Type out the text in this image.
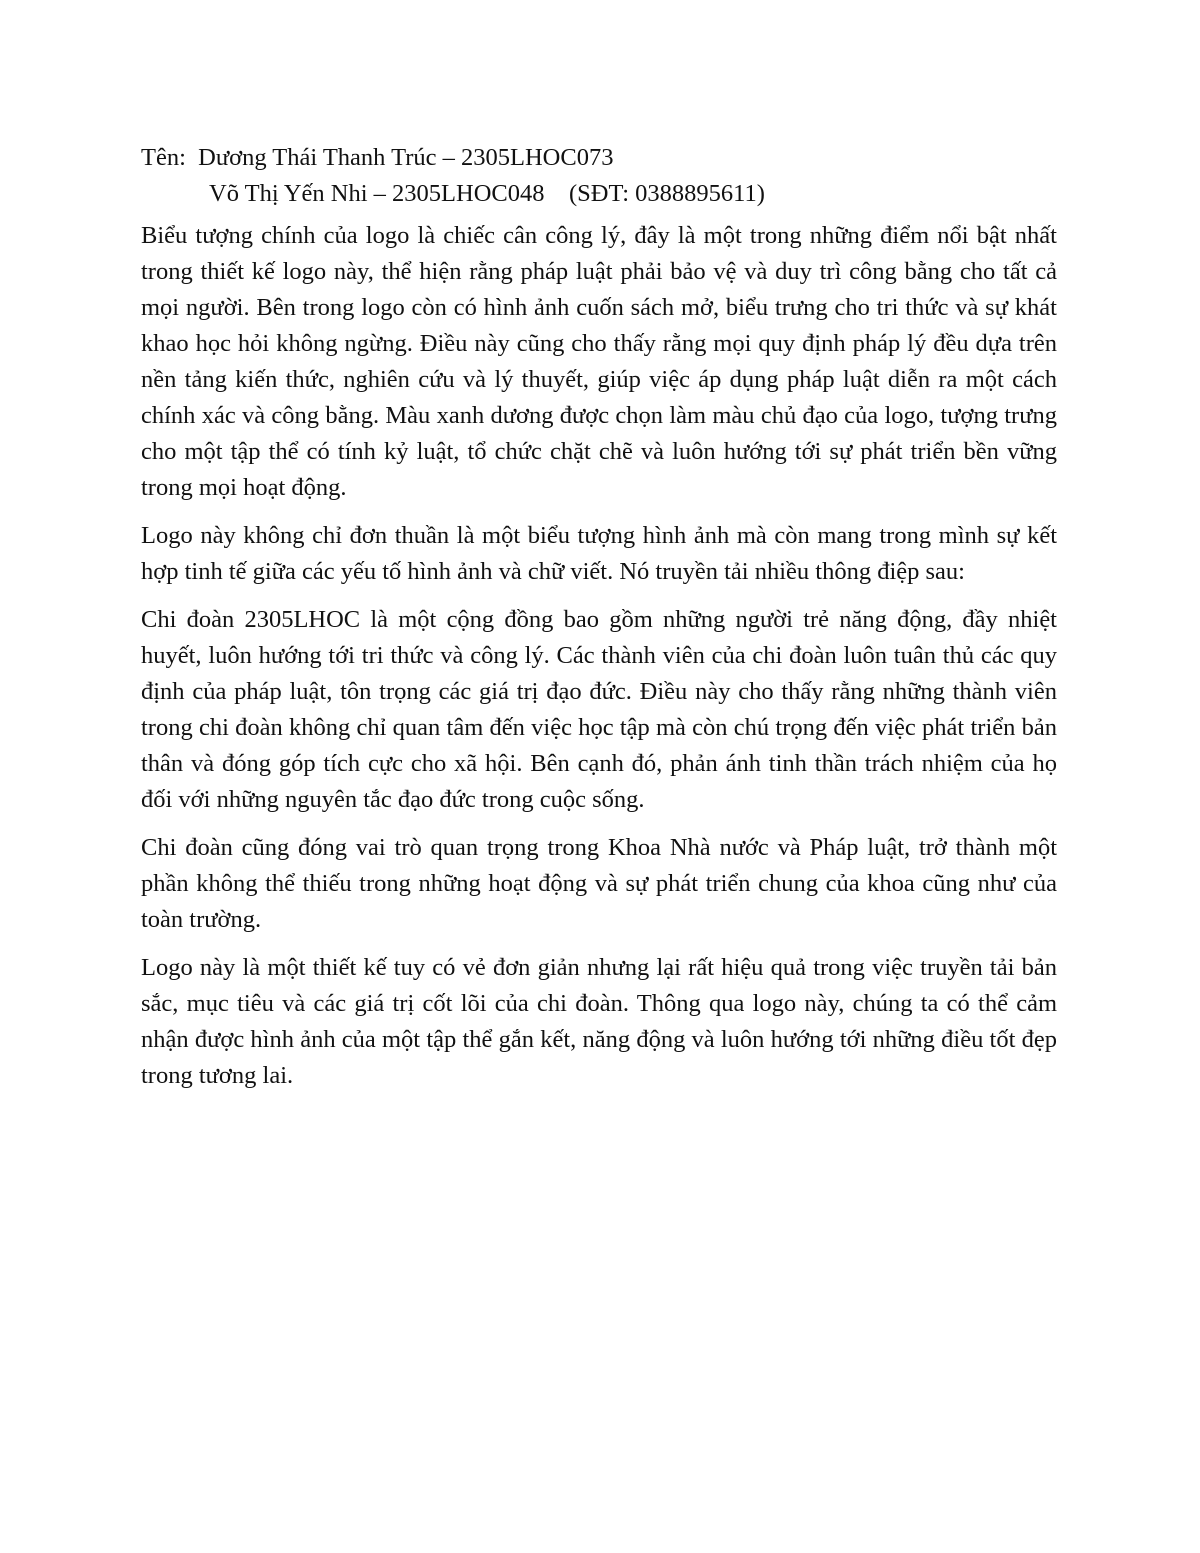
Tên:  Dương Thái Thanh Trúc – 2305LHOC073

Võ Thị Yến Nhi – 2305LHOC048    (SĐT: 0388895611)

Biểu tượng chính của logo là chiếc cân công lý, đây là một trong những điểm nổi bật nhất trong thiết kế logo này, thể hiện rằng pháp luật phải bảo vệ và duy trì công bằng cho tất cả mọi người. Bên trong logo còn có hình ảnh cuốn sách mở, biểu trưng cho tri thức và sự khát khao học hỏi không ngừng. Điều này cũng cho thấy rằng mọi quy định pháp lý đều dựa trên nền tảng kiến thức, nghiên cứu và lý thuyết, giúp việc áp dụng pháp luật diễn ra một cách chính xác và công bằng. Màu xanh dương được chọn làm màu chủ đạo của logo, tượng trưng cho một tập thể có tính kỷ luật, tổ chức chặt chẽ và luôn hướng tới sự phát triển bền vững trong mọi hoạt động.

Logo này không chỉ đơn thuần là một biểu tượng hình ảnh mà còn mang trong mình sự kết hợp tinh tế giữa các yếu tố hình ảnh và chữ viết. Nó truyền tải nhiều thông điệp sau:

Chi đoàn 2305LHOC là một cộng đồng bao gồm những người trẻ năng động, đầy nhiệt huyết, luôn hướng tới tri thức và công lý. Các thành viên của chi đoàn luôn tuân thủ các quy định của pháp luật, tôn trọng các giá trị đạo đức. Điều này cho thấy rằng những thành viên trong chi đoàn không chỉ quan tâm đến việc học tập mà còn chú trọng đến việc phát triển bản thân và đóng góp tích cực cho xã hội. Bên cạnh đó, phản ánh tinh thần trách nhiệm của họ đối với những nguyên tắc đạo đức trong cuộc sống.

Chi đoàn cũng đóng vai trò quan trọng trong Khoa Nhà nước và Pháp luật, trở thành một phần không thể thiếu trong những hoạt động và sự phát triển chung của khoa cũng như của toàn trường.

Logo này là một thiết kế tuy có vẻ đơn giản nhưng lại rất hiệu quả trong việc truyền tải bản sắc, mục tiêu và các giá trị cốt lõi của chi đoàn. Thông qua logo này, chúng ta có thể cảm nhận được hình ảnh của một tập thể gắn kết, năng động và luôn hướng tới những điều tốt đẹp trong tương lai.
